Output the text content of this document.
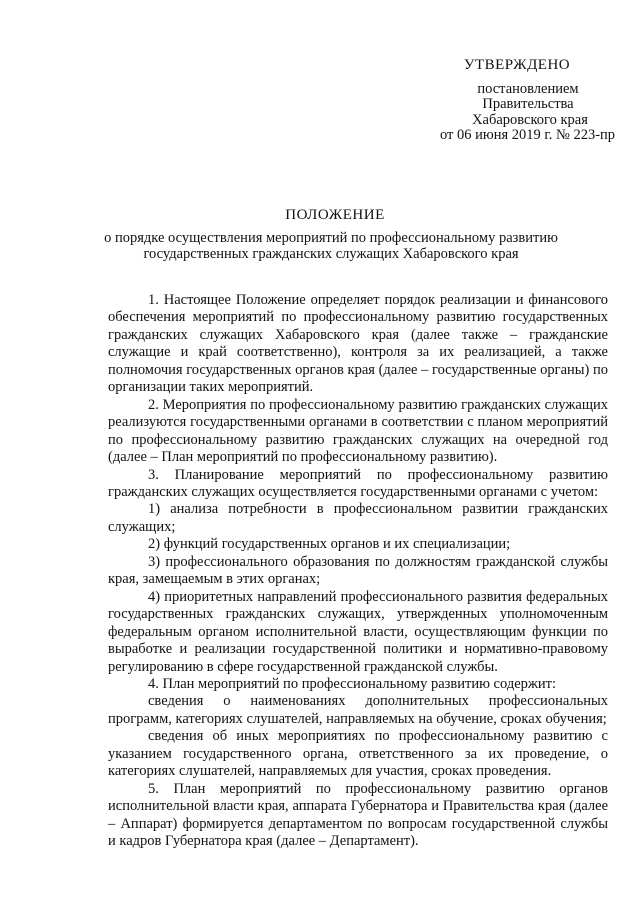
УТВЕРЖДЕНО
постановлением
Правительства
Хабаровского края
от 06 июня 2019 г. № 223-пр
ПОЛОЖЕНИЕ
о порядке осуществления мероприятий по профессиональному развитию
государственных гражданских служащих Хабаровского края

1. Настоящее Положение определяет порядок реализации и финансового обеспечения мероприятий по профессиональному развитию государственных гражданских служащих Хабаровского края (далее также – гражданские служащие и край соответственно), контроля за их реализацией, а также полномочия государственных органов края (далее – государственные органы) по организации таких мероприятий.

2. Мероприятия по профессиональному развитию гражданских служащих реализуются государственными органами в соответствии с планом мероприятий по профессиональному развитию гражданских служащих на очередной год (далее – План мероприятий по профессиональному развитию).

3. Планирование мероприятий по профессиональному развитию гражданских служащих осуществляется государственными органами с учетом:

1) анализа потребности в профессиональном развитии гражданских служащих;

2) функций государственных органов и их специализации;

3) профессионального образования по должностям гражданской службы края, замещаемым в этих органах;

4) приоритетных направлений профессионального развития федеральных государственных гражданских служащих, утвержденных уполномоченным федеральным органом исполнительной власти, осуществляющим функции по выработке и реализации государственной политики и нормативно-правовому регулированию в сфере государственной гражданской службы.

4. План мероприятий по профессиональному развитию содержит:

сведения о наименованиях дополнительных профессиональных программ, категориях слушателей, направляемых на обучение, сроках обучения;

сведения об иных мероприятиях по профессиональному развитию с указанием государственного органа, ответственного за их проведение, о категориях слушателей, направляемых для участия, сроках проведения.

5. План мероприятий по профессиональному развитию органов исполнительной власти края, аппарата Губернатора и Правительства края (далее – Аппарат) формируется департаментом по вопросам государственной службы и кадров Губернатора края (далее – Департамент).
